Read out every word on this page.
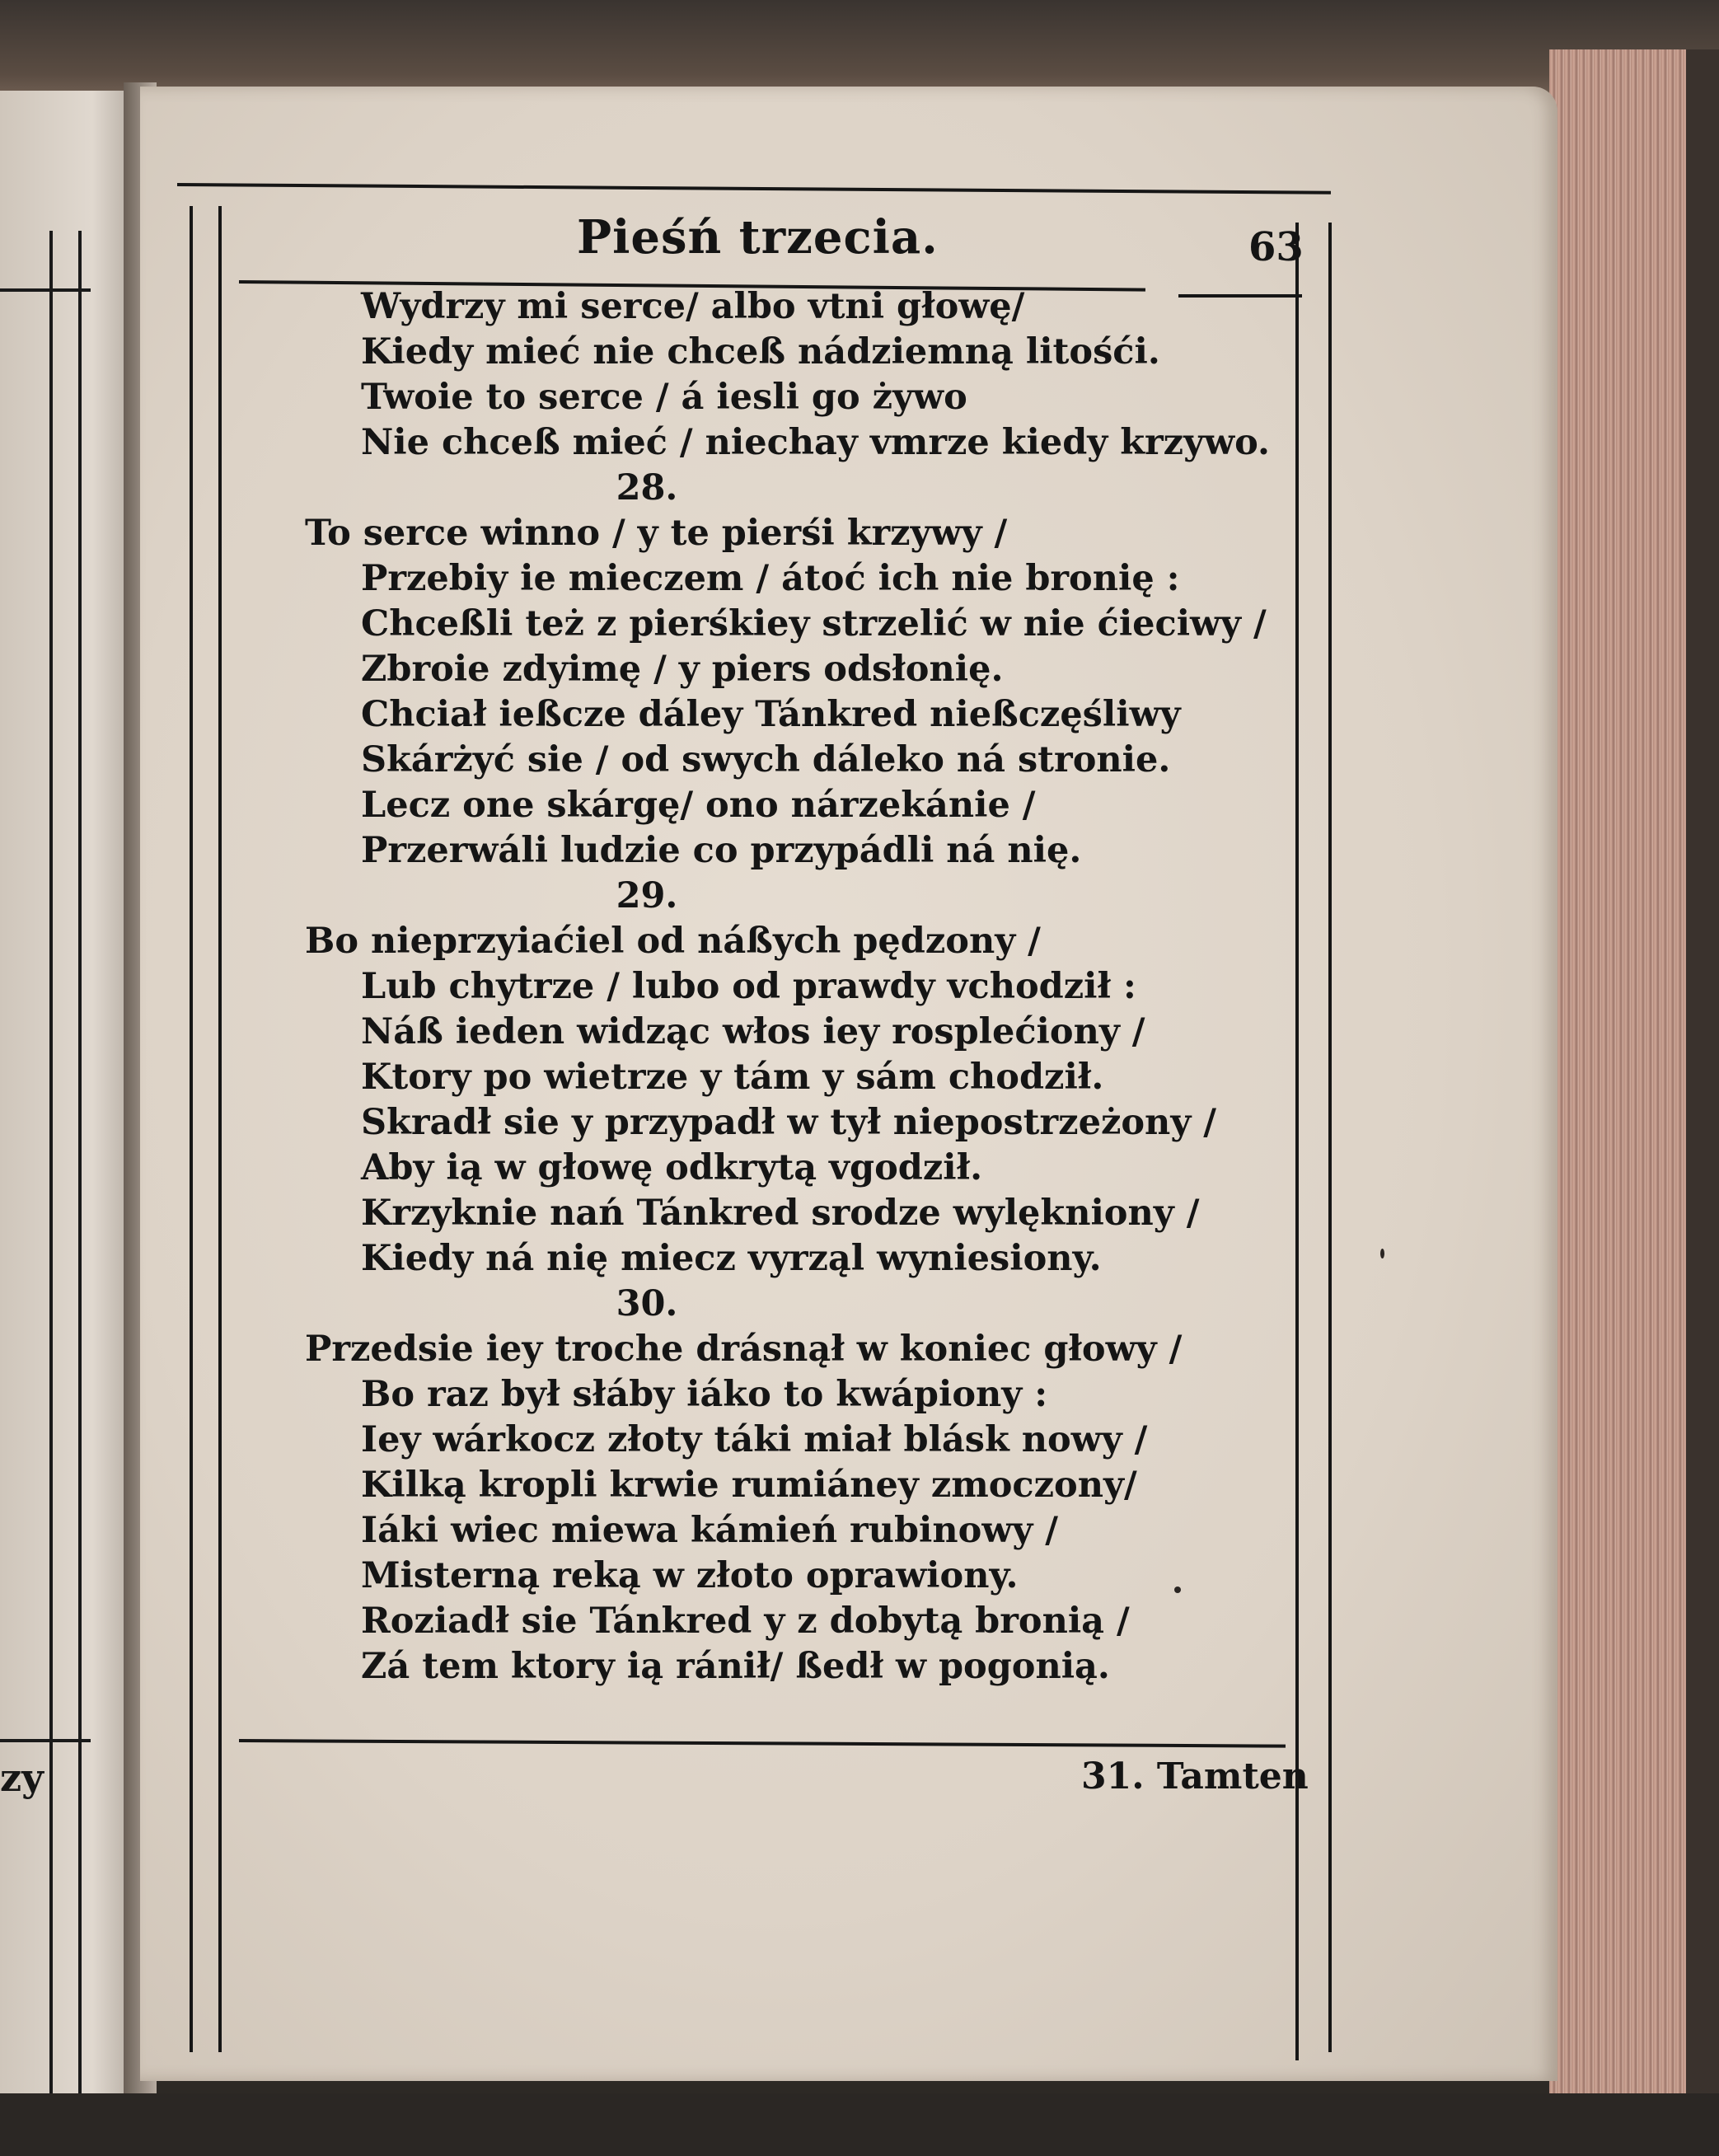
zy
Pieśń trzecia.	63
Wydrzy mi serce/ albo vtni głowę/
Kiedy mieć nie chceß nádziemną litośći.
Twoie to serce / á iesli go żywo
Nie chceß mieć / niechay vmrze kiedy krzywo.
28.
To serce winno / y te pierśi krzywy /
Przebiy ie mieczem / átoć ich nie bronię :
Chceßli też z pierśkiey strzelić w nie ćieciwy /
Zbroie zdyimę / y piers odsłonię.
Chciał ießcze dáley Tánkred nießczęśliwy
Skárżyć sie / od swych dáleko ná stronie.
Lecz one skárgę/ ono nárzekánie /
Przerwáli ludzie co przypádli ná nię.
29.
Bo nieprzyiaćiel od náßych pędzony /
Lub chytrze / lubo od prawdy vchodził :
Náß ieden widząc włos iey rosplećiony /
Ktory po wietrze y tám y sám chodził.
Skradł sie y przypadł w tył niepostrzeżony /
Aby ią w głowę odkrytą vgodził.
Krzyknie nań Tánkred srodze wylękniony /
Kiedy ná nię miecz vyrząl wyniesiony.
30.
Przedsie iey troche drásnął w koniec głowy /
Bo raz był słáby iáko to kwápiony :
Iey wárkocz złoty táki miał blásk nowy /
Kilką kropli krwie rumiáney zmoczony/
Iáki wiec miewa kámień rubinowy /
Misterną reką w złoto oprawiony.
Roziadł sie Tánkred y z dobytą bronią /
Zá tem ktory ią ránił/ ßedł w pogonią.
31. Tamten
